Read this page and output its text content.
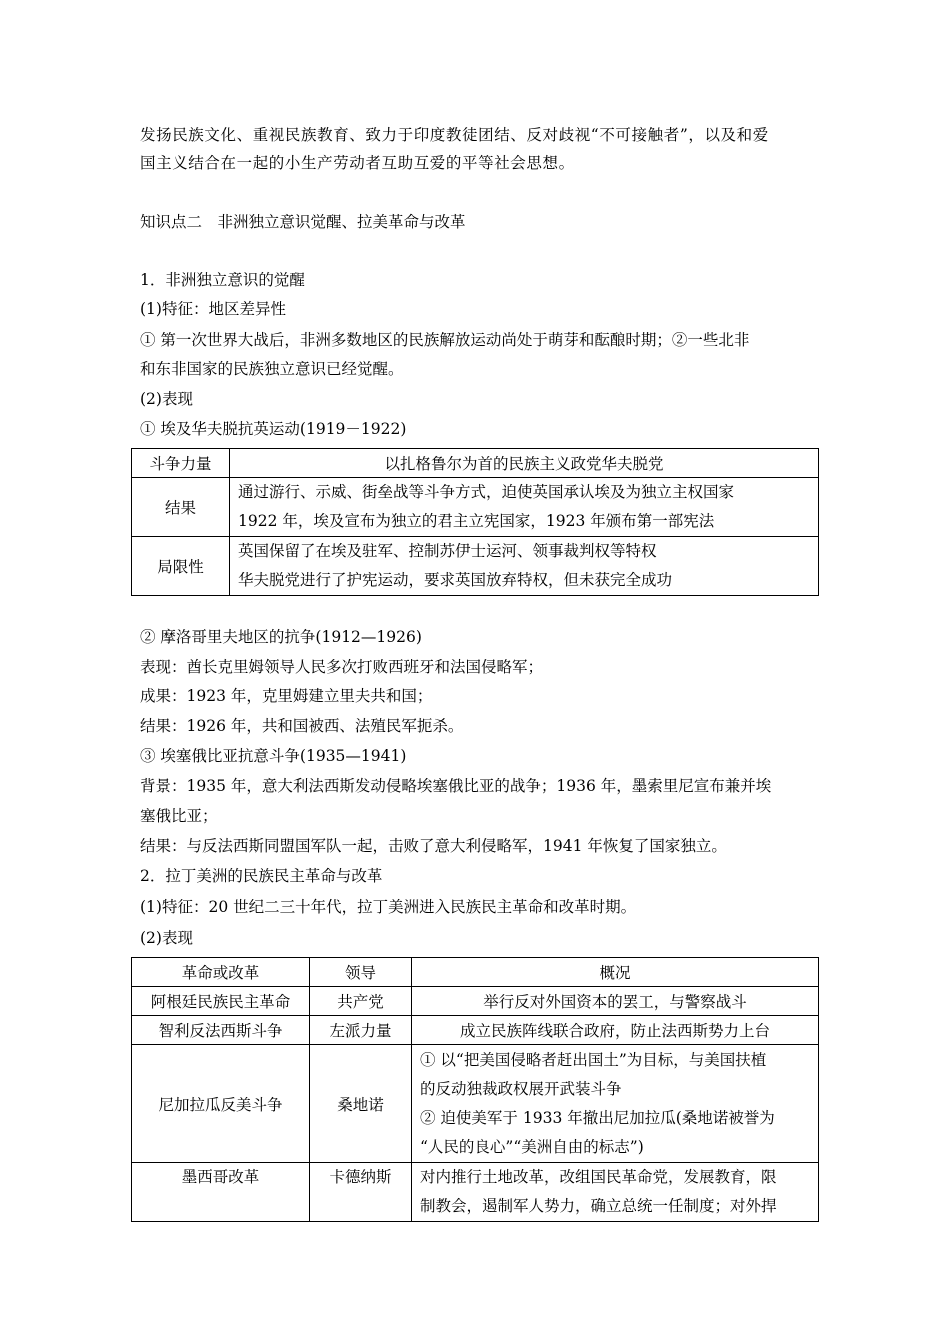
发扬民族文化、重视民族教育、致力于印度教徒团结、反对歧视“不可接触者”，以及和爱
国主义结合在一起的小生产劳动者互助互爱的平等社会思想。
知识点二　非洲独立意识觉醒、拉美革命与改革
1．非洲独立意识的觉醒
(1)特征：地区差异性
① 第一次世界大战后，非洲多数地区的民族解放运动尚处于萌芽和酝酿时期；②一些北非
和东非国家的民族独立意识已经觉醒。
(2)表现
① 埃及华夫脱抗英运动(1919－1922)
斗争力量	以扎格鲁尔为首的民族主义政党华夫脱党
结果	通过游行、示威、街垒战等斗争方式，迫使英国承认埃及为独立主权国家
1922 年，埃及宣布为独立的君主立宪国家，1923 年颁布第一部宪法

局限性	英国保留了在埃及驻军、控制苏伊士运河、领事裁判权等特权
华夫脱党进行了护宪运动，要求英国放弃特权，但未获完全成功
② 摩洛哥里夫地区的抗争(1912—1926)
表现：酋长克里姆领导人民多次打败西班牙和法国侵略军；
成果：1923 年，克里姆建立里夫共和国；
结果：1926 年，共和国被西、法殖民军扼杀。
③ 埃塞俄比亚抗意斗争(1935—1941)
背景：1935 年，意大利法西斯发动侵略埃塞俄比亚的战争；1936 年，墨索里尼宣布兼并埃
塞俄比亚；
结果：与反法西斯同盟国军队一起，击败了意大利侵略军，1941 年恢复了国家独立。
2．拉丁美洲的民族民主革命与改革
(1)特征：20 世纪二三十年代，拉丁美洲进入民族民主革命和改革时期。
(2)表现
革命或改革	领导	概况
阿根廷民族民主革命	共产党	举行反对外国资本的罢工，与警察战斗
智利反法西斯斗争	左派力量	成立民族阵线联合政府，防止法西斯势力上台
尼加拉瓜反美斗争	桑地诺	① 以“把美国侵略者赶出国土”为目标，与美国扶植
的反动独裁政权展开武装斗争
② 迫使美军于 1933 年撤出尼加拉瓜(桑地诺被誉为
“人民的良心”“美洲自由的标志”)

墨西哥改革	卡德纳斯	对内推行土地改革，改组国民革命党，发展教育，限
制教会，遏制军人势力，确立总统一任制度；对外捍
